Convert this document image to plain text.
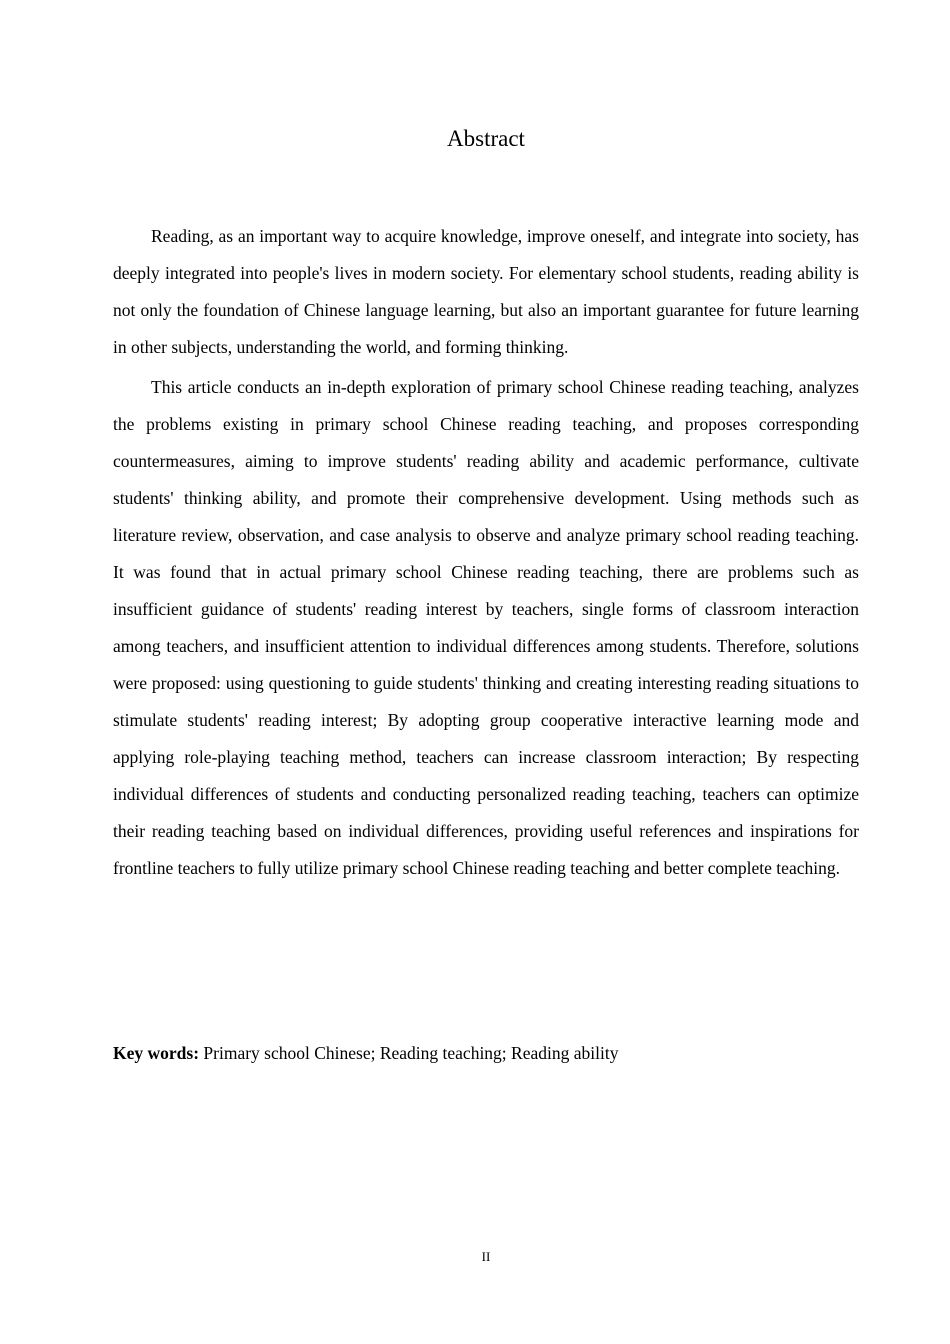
Abstract

Reading, as an important way to acquire knowledge, improve oneself, and integrate into society, has deeply integrated into people's lives in modern society. For elementary school students, reading ability is not only the foundation of Chinese language learning, but also an important guarantee for future learning in other subjects, understanding the world, and forming thinking.

This article conducts an in-depth exploration of primary school Chinese reading teaching, analyzes the problems existing in primary school Chinese reading teaching, and proposes corresponding countermeasures, aiming to improve students' reading ability and academic performance, cultivate students' thinking ability, and promote their comprehensive development. Using methods such as literature review, observation, and case analysis to observe and analyze primary school reading teaching. It was found that in actual primary school Chinese reading teaching, there are problems such as insufficient guidance of students' reading interest by teachers, single forms of classroom interaction among teachers, and insufficient attention to individual differences among students. Therefore, solutions were proposed: using questioning to guide students' thinking and creating interesting reading situations to stimulate students' reading interest; By adopting group cooperative interactive learning mode and applying role-playing teaching method, teachers can increase classroom interaction; By respecting individual differences of students and conducting personalized reading teaching, teachers can optimize their reading teaching based on individual differences, providing useful references and inspirations for frontline teachers to fully utilize primary school Chinese reading teaching and better complete teaching.

Key words: Primary school Chinese; Reading teaching; Reading ability

II
